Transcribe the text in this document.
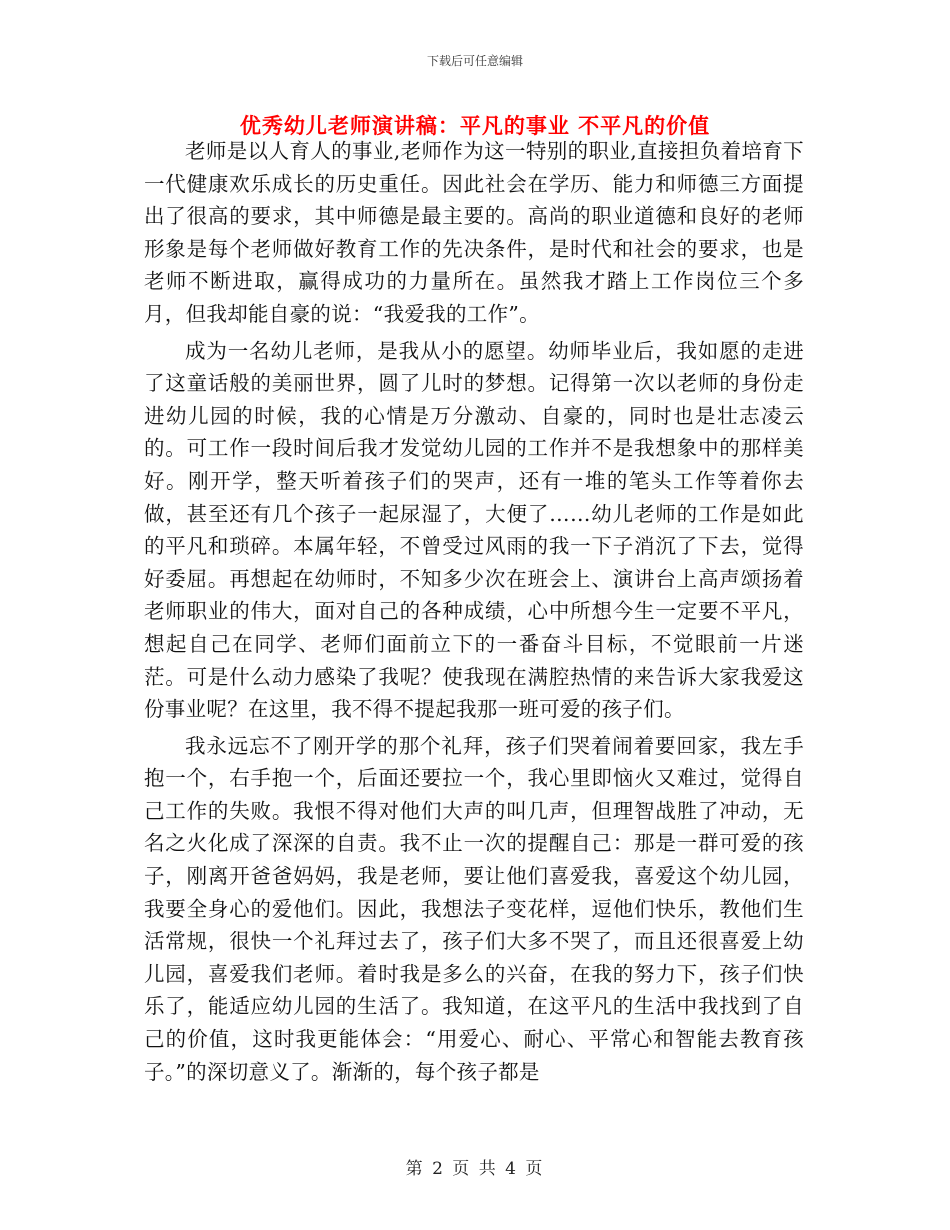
下载后可任意编辑
优秀幼儿老师演讲稿：平凡的事业 不平凡的价值

老师是以人育人的事业,老师作为这一特别的职业,直接担负着培育下一代健康欢乐成长的历史重任。因此社会在学历、能力和师德三方面提出了很高的要求，其中师德是最主要的。高尚的职业道德和良好的老师形象是每个老师做好教育工作的先决条件，是时代和社会的要求，也是老师不断进取，赢得成功的力量所在。虽然我才踏上工作岗位三个多月，但我却能自豪的说：“我爱我的工作”。

成为一名幼儿老师，是我从小的愿望。幼师毕业后，我如愿的走进了这童话般的美丽世界，圆了儿时的梦想。记得第一次以老师的身份走进幼儿园的时候，我的心情是万分激动、自豪的，同时也是壮志凌云的。可工作一段时间后我才发觉幼儿园的工作并不是我想象中的那样美好。刚开学，整天听着孩子们的哭声，还有一堆的笔头工作等着你去做，甚至还有几个孩子一起尿湿了，大便了……幼儿老师的工作是如此的平凡和琐碎。本属年轻，不曾受过风雨的我一下子消沉了下去，觉得好委屈。再想起在幼师时，不知多少次在班会上、演讲台上高声颂扬着老师职业的伟大，面对自己的各种成绩，心中所想今生一定要不平凡，想起自己在同学、老师们面前立下的一番奋斗目标，不觉眼前一片迷茫。可是什么动力感染了我呢？使我现在满腔热情的来告诉大家我爱这份事业呢？在这里，我不得不提起我那一班可爱的孩子们。

我永远忘不了刚开学的那个礼拜，孩子们哭着闹着要回家，我左手抱一个，右手抱一个，后面还要拉一个，我心里即恼火又难过，觉得自己工作的失败。我恨不得对他们大声的叫几声，但理智战胜了冲动，无名之火化成了深深的自责。我不止一次的提醒自己：那是一群可爱的孩子，刚离开爸爸妈妈，我是老师，要让他们喜爱我，喜爱这个幼儿园，我要全身心的爱他们。因此，我想法子变花样，逗他们快乐，教他们生活常规，很快一个礼拜过去了，孩子们大多不哭了，而且还很喜爱上幼儿园，喜爱我们老师。着时我是多么的兴奋，在我的努力下，孩子们快乐了，能适应幼儿园的生活了。我知道，在这平凡的生活中我找到了自己的价值，这时我更能体会：“用爱心、耐心、平常心和智能去教育孩子。”的深切意义了。渐渐的，每个孩子都是

第 2 页 共 4 页
